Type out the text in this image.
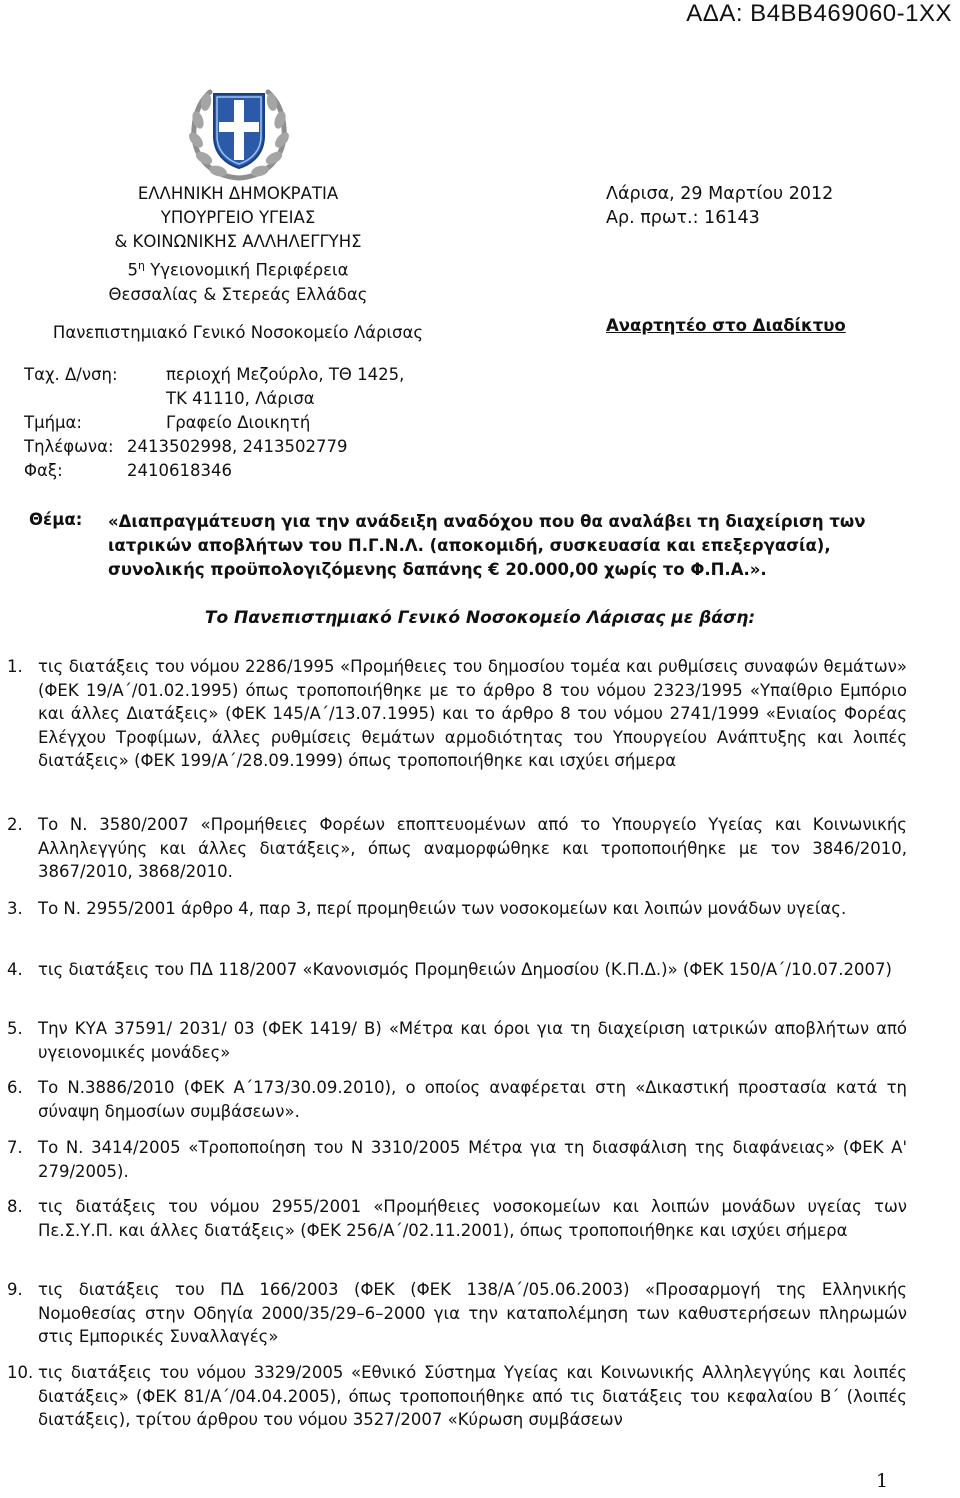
ΑΔΑ: Β4ΒΒ469060-1ΧΧ
ΕΛΛΗΝΙΚΗ ΔΗΜΟΚΡΑΤΙΑ
ΥΠΟΥΡΓΕΙΟ ΥΓΕΙΑΣ
& ΚΟΙΝΩΝΙΚΗΣ ΑΛΛΗΛΕΓΓΥΗΣ
$5^\eta$ Υγειονομική Περιφέρεια
Θεσσαλίας & Στερεάς Ελλάδας
Πανεπιστημιακό Γενικό Νοσοκομείο Λάρισας
Λάρισα, 29 Μαρτίου 2012
Αρ. πρωτ.: 16143
Αναρτητέο στο Διαδίκτυο
Ταχ. Δ/νση:	περιοχή Μεζούρλο, ΤΘ 1425,
ΤΚ 41110, Λάρισα
Τμήμα:	Γραφείο Διοικητή
Τηλέφωνα: 2413502998, 2413502779
Φαξ:	2410618346
Θέμα: «Διαπραγμάτευση για την ανάδειξη αναδόχου που θα αναλάβει τη διαχείριση των ιατρικών αποβλήτων του Π.Γ.Ν.Λ. (αποκομιδή, συσκευασία και επεξεργασία), συνολικής προϋπολογιζόμενης δαπάνης € 20.000,00 χωρίς το Φ.Π.Α.».
Το Πανεπιστημιακό Γενικό Νοσοκομείο Λάρισας με βάση:
1. τις διατάξεις του νόμου 2286/1995 «Προμήθειες του δημοσίου τομέα και ρυθμίσεις συναφών θεμάτων» (ΦΕΚ 19/Α΄/01.02.1995) όπως τροποποιήθηκε με το άρθρο 8 του νόμου 2323/1995 «Υπαίθριο Εμπόριο και άλλες Διατάξεις» (ΦΕΚ 145/Α΄/13.07.1995) και το άρθρο 8 του νόμου 2741/1999 «Ενιαίος Φορέας Ελέγχου Τροφίμων, άλλες ρυθμίσεις θεμάτων αρμοδιότητας του Υπουργείου Ανάπτυξης και λοιπές διατάξεις» (ΦΕΚ 199/Α΄/28.09.1999) όπως τροποποιήθηκε και ισχύει σήμερα
2. Το Ν. 3580/2007 «Προμήθειες Φορέων εποπτευομένων από το Υπουργείο Υγείας και Κοινωνικής Αλληλεγγύης και άλλες διατάξεις», όπως αναμορφώθηκε και τροποποιήθηκε με τον 3846/2010, 3867/2010, 3868/2010.
3. Το Ν. 2955/2001 άρθρο 4, παρ 3, περί προμηθειών των νοσοκομείων και λοιπών μονάδων υγείας.
4. τις διατάξεις του ΠΔ 118/2007 «Κανονισμός Προμηθειών Δημοσίου (Κ.Π.Δ.)» (ΦΕΚ 150/Α΄/10.07.2007)
5. Την ΚΥΑ 37591/ 2031/ 03 (ΦΕΚ 1419/ Β) «Μέτρα και όροι για τη διαχείριση ιατρικών αποβλήτων από υγειονομικές μονάδες»
6. Το Ν.3886/2010 (ΦΕΚ Α΄173/30.09.2010), ο οποίος αναφέρεται στη «Δικαστική προστασία κατά τη σύναψη δημοσίων συμβάσεων».
7. Το Ν. 3414/2005 «Τροποποίηση του Ν 3310/2005 Μέτρα για τη διασφάλιση της διαφάνειας» (ΦΕΚ Α' 279/2005).
8. τις διατάξεις του νόμου 2955/2001 «Προμήθειες νοσοκομείων και λοιπών μονάδων υγείας των Πε.Σ.Υ.Π. και άλλες διατάξεις» (ΦΕΚ 256/Α΄/02.11.2001), όπως τροποποιήθηκε και ισχύει σήμερα
9. τις διατάξεις του ΠΔ 166/2003 (ΦΕΚ (ΦΕΚ 138/Α΄/05.06.2003) «Προσαρμογή της Ελληνικής Νομοθεσίας στην Οδηγία 2000/35/29–6–2000 για την καταπολέμηση των καθυστερήσεων πληρωμών στις Εμπορικές Συναλλαγές»
10. τις διατάξεις του νόμου 3329/2005 «Εθνικό Σύστημα Υγείας και Κοινωνικής Αλληλεγγύης και λοιπές διατάξεις» (ΦΕΚ 81/Α΄/04.04.2005), όπως τροποποιήθηκε από τις διατάξεις του κεφαλαίου Β΄ (λοιπές διατάξεις), τρίτου άρθρου του νόμου 3527/2007 «Κύρωση συμβάσεων
1
